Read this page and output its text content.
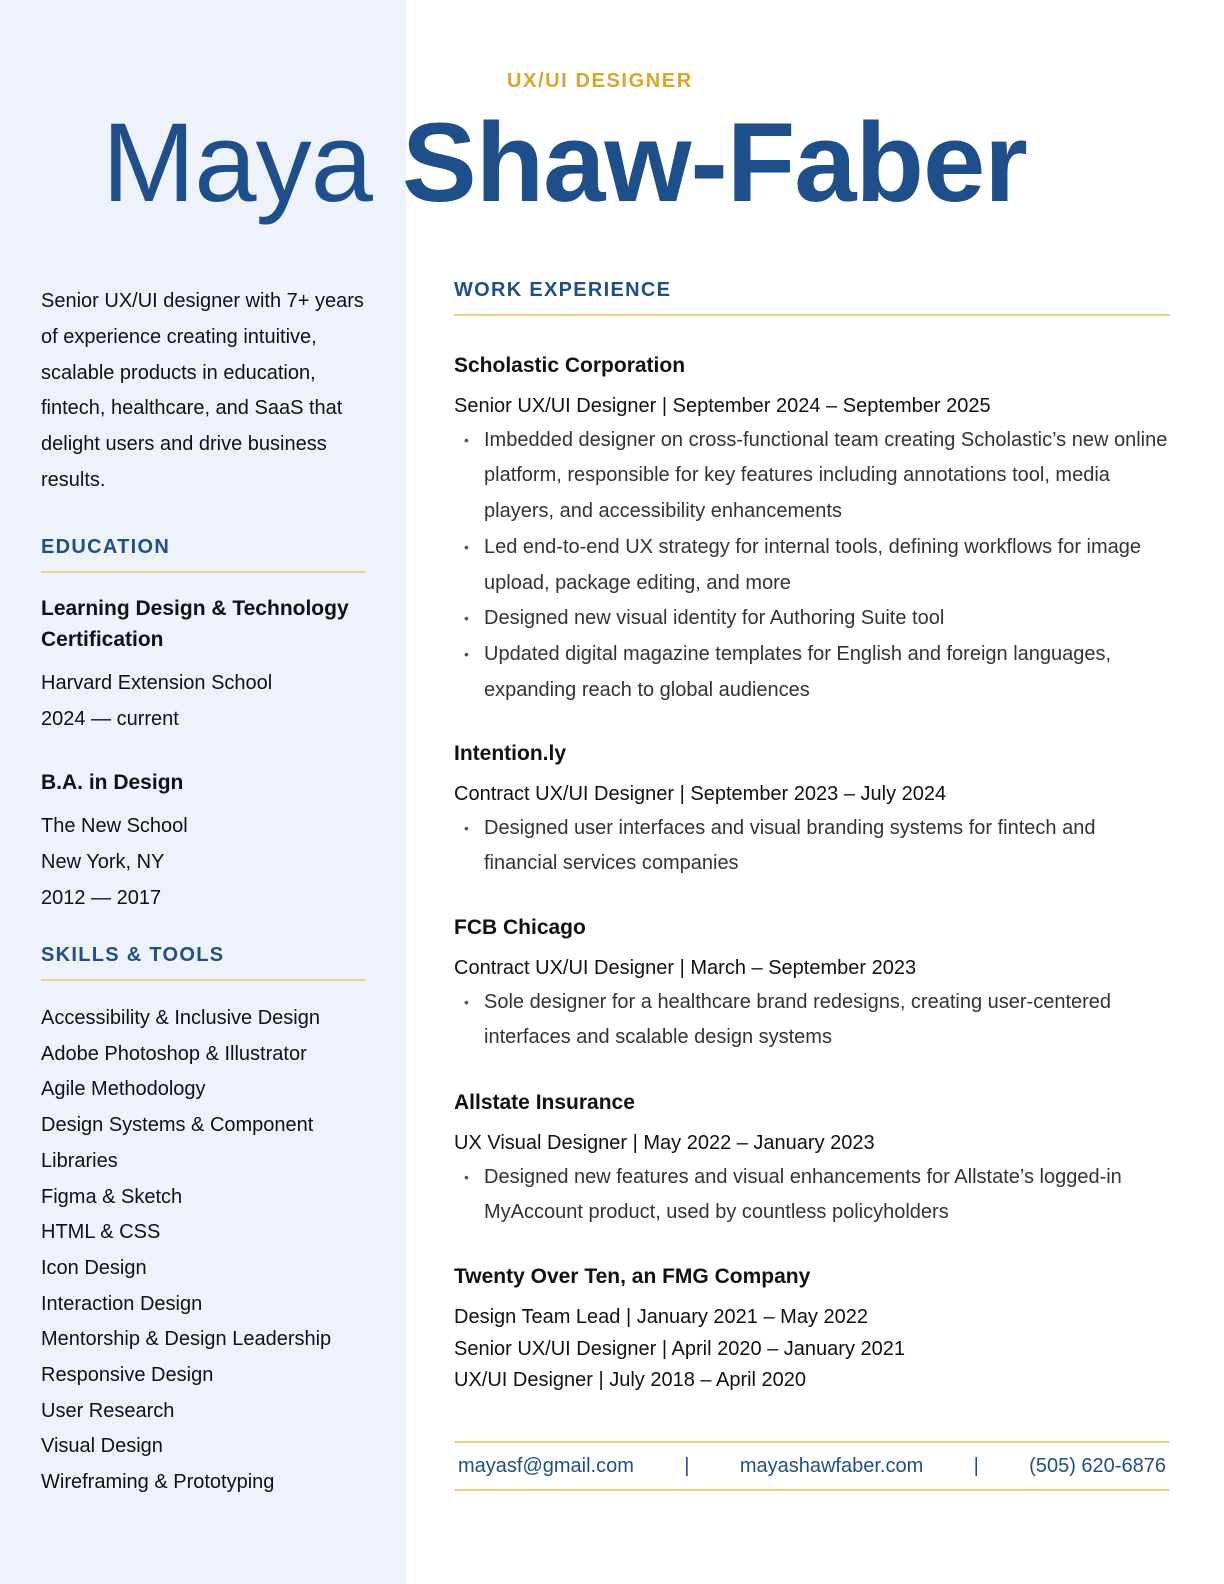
UX/UI DESIGNER
Maya Shaw-Faber

Senior UX/UI designer with 7+ years of experience creating intuitive, scalable products in education, fintech, healthcare, and SaaS that delight users and drive business results.

EDUCATION

Learning Design & Technology Certification

Harvard Extension School

2024 — current

B.A. in Design

The New School

New York, NY

2012 — 2017

SKILLS & TOOLS
Accessibility & Inclusive Design
Adobe Photoshop & Illustrator
Agile Methodology
Design Systems & Component Libraries
Figma & Sketch
HTML & CSS
Icon Design
Interaction Design
Mentorship & Design Leadership
Responsive Design
User Research
Visual Design
Wireframing & Prototyping
WORK EXPERIENCE

Scholastic Corporation

Senior UX/UI Designer | September 2024 – September 2025

• Imbedded designer on cross-functional team creating Scholastic’s new online platform, responsible for key features including annotations tool, media players, and accessibility enhancements
• Led end-to-end UX strategy for internal tools, defining workflows for image upload, package editing, and more
• Designed new visual identity for Authoring Suite tool
• Updated digital magazine templates for English and foreign languages, expanding reach to global audiences

Intention.ly

Contract UX/UI Designer | September 2023 – July 2024

• Designed user interfaces and visual branding systems for fintech and financial services companies

FCB Chicago

Contract UX/UI Designer | March – September 2023

• Sole designer for a healthcare brand redesigns, creating user-centered interfaces and scalable design systems

Allstate Insurance

UX Visual Designer | May 2022 – January 2023

• Designed new features and visual enhancements for Allstate’s logged-in MyAccount product, used by countless policyholders

Twenty Over Ten, an FMG Company

Design Team Lead | January 2021 – May 2022

Senior UX/UI Designer | April 2020 – January 2021

UX/UI Designer | July 2018 – April 2020

mayasf@gmail.com	|	mayashawfaber.com	|	(505) 620-6876
